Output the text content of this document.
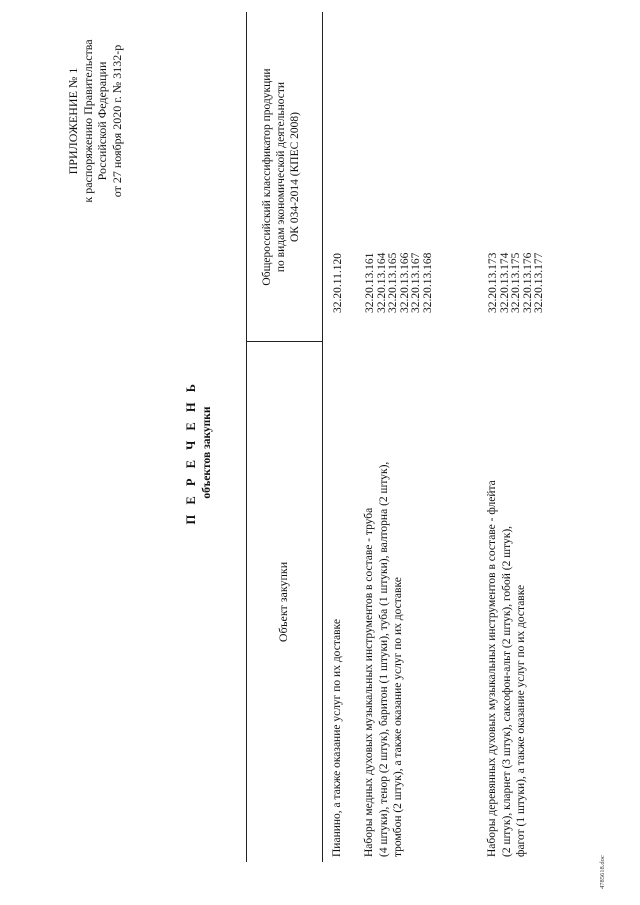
ПРИЛОЖЕНИЕ № 1 к распоряжению Правительства Российской Федерации от 27 ноября 2020 г. № 3132-р
П Е Р Е Ч Е Н Ь объектов закупки
Объект закупки
Общероссийский классификатор продукции по видам экономической деятельности ОК 034-2014 (КПЕС 2008)
Пианино, а также оказание услуг по их доставке
32.20.11.120
Наборы медных духовых музыкальных инструментов в составе - труба (4 штуки), тенор (2 штук), баритон (1 штуки), туба (1 штуки), валторна (2 штук), тромбон (2 штук), а также оказание услуг по их доставке
32.20.13.161 32.20.13.164 32.20.13.165 32.20.13.166 32.20.13.167 32.20.13.168
Наборы деревянных духовых музыкальных инструментов в составе - флейта (2 штук), кларнет (3 штук), саксофон-альт (2 штук), гобой (2 штук), фагот (1 штуки), а также оказание услуг по их доставке
32.20.13.173 32.20.13.174 32.20.13.175 32.20.13.176 32.20.13.177
4785618.doc
